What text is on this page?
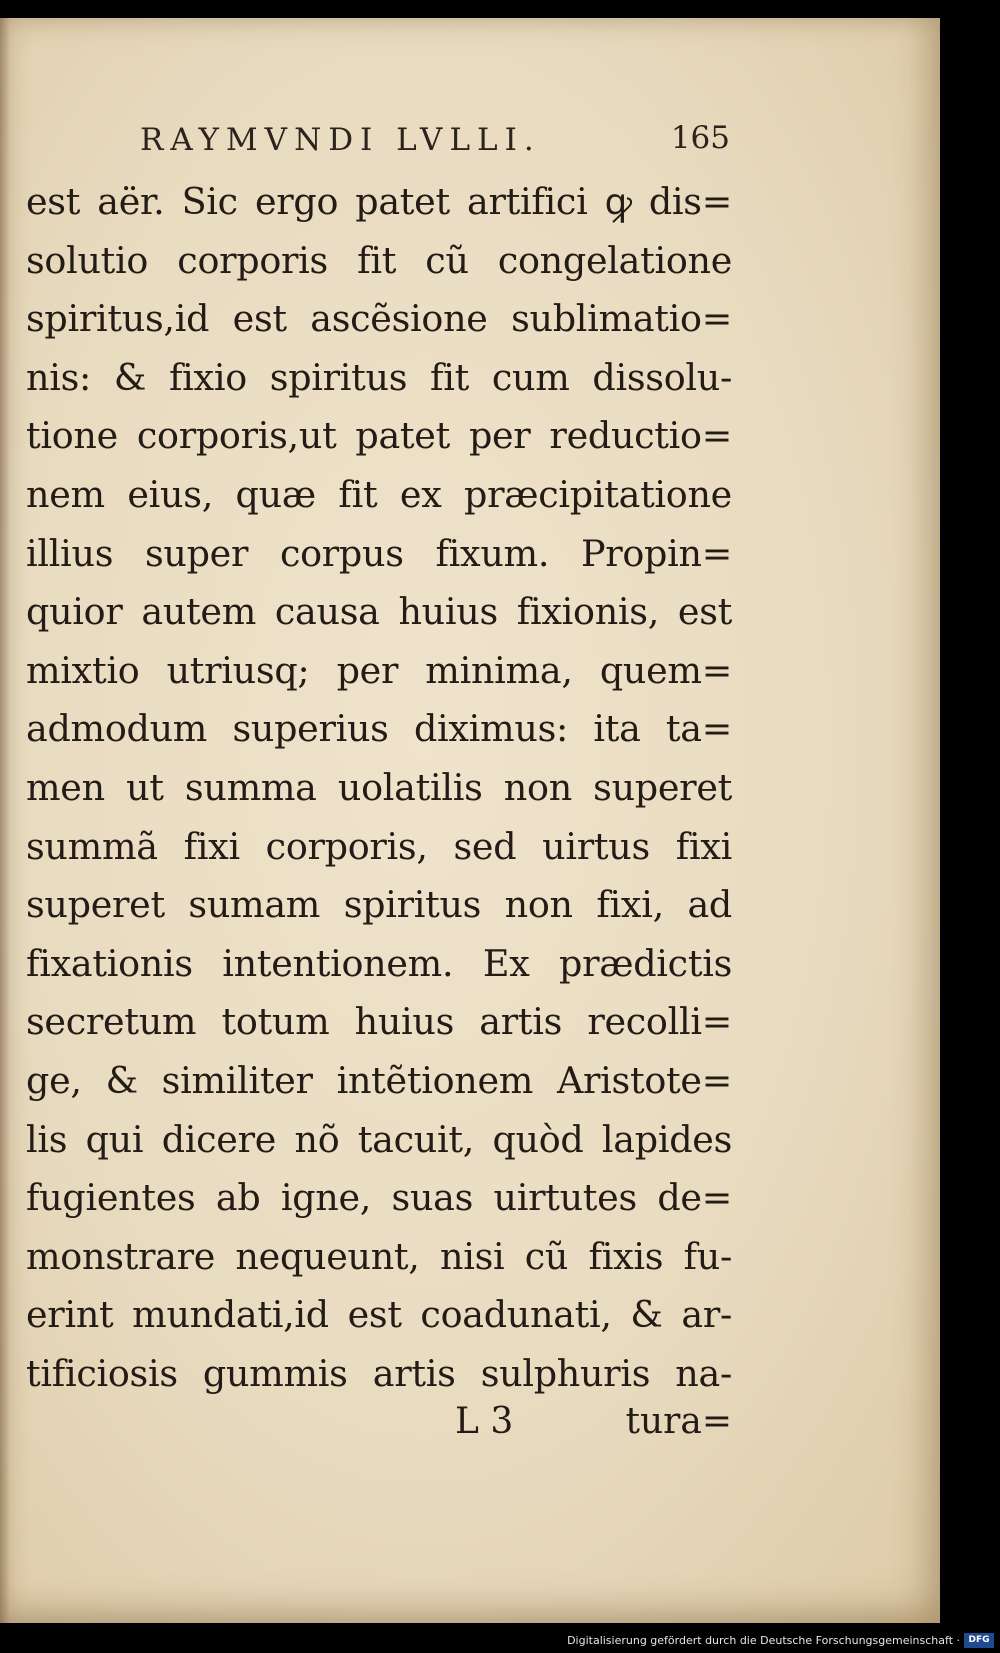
RAYMVNDI LVLLI.	165
est aër. Sic ergo patet artifici ꝙ dis=
solutio corporis fit cũ congelatione
spiritus,id est ascẽsione sublimatio=
nis: & fixio spiritus fit cum dissolu-
tione corporis,ut patet per reductio=
nem eius, quæ fit ex præcipitatione
illius super corpus fixum. Propin=
quior autem causa huius fixionis, est
mixtio utriusq; per minima, quem=
admodum superius diximus: ita ta=
men ut summa uolatilis non superet
summã fixi corporis, sed uirtus fixi
superet sumam spiritus non fixi, ad
fixationis intentionem. Ex prædictis
secretum totum huius artis recolli=
ge, & similiter intẽtionem Aristote=
lis qui dicere nõ tacuit, quòd lapides
fugientes ab igne, suas uirtutes de=
monstrare nequeunt, nisi cũ fixis fu-
erint mundati,id est coadunati, & ar-
tificiosis gummis artis sulphuris na-
L 3	tura=
Digitalisierung gefördert durch die Deutsche Forschungsgemeinschaft · DFG
